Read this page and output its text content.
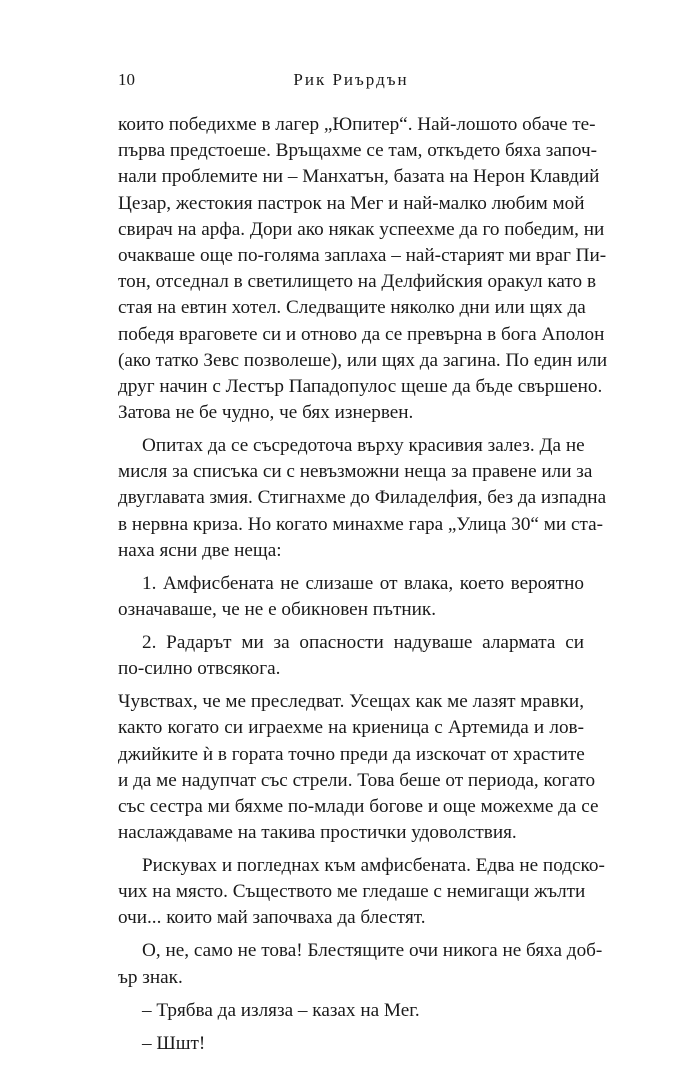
10	Рик Риърдън
които победихме в лагер „Юпитер“. Най-лошото обаче те-
първа предстоеше. Връщахме се там, откъдето бяха започ-
нали проблемите ни – Манхатън, базата на Нерон Клавдий
Цезар, жестокия пастрок на Мег и най-малко любим мой
свирач на арфа. Дори ако някак успеехме да го победим, ни
очакваше още по-голяма заплаха – най-старият ми враг Пи-
тон, отседнал в светилището на Делфийския оракул като в
стая на евтин хотел. Следващите няколко дни или щях да
победя враговете си и отново да се превърна в бога Аполон
(ако татко Зевс позволеше), или щях да загина. По един или
друг начин с Лестър Пападопулос щеше да бъде свършено.
Затова не бе чудно, че бях изнервен.
Опитах да се съсредоточа върху красивия залез. Да не
мисля за списъка си с невъзможни неща за правене или за
двуглавата змия. Стигнахме до Филаделфия, без да изпадна
в нервна криза. Но когато минахме гара „Улица 30“ ми ста-
наха ясни две неща:
1. Амфисбената не слизаше от влака, което вероятно
означаваше, че не е обикновен пътник.
2. Радарът ми за опасности надуваше алармата си
по-силно отвсякога.
Чувствах, че ме преследват. Усещах как ме лазят мравки,
както когато си играехме на криеница с Артемида и лов-
джийките ѝ в гората точно преди да изскочат от храстите
и да ме надупчат със стрели. Това беше от периода, когато
със сестра ми бяхме по-млади богове и още можехме да се
наслаждаваме на такива простички удоволствия.
Рискувах и погледнах към амфисбената. Едва не подско-
чих на място. Съществото ме гледаше с немигащи жълти
очи... които май започваха да блестят.
О, не, само не това! Блестящите очи никога не бяха доб-
ър знак.
– Трябва да изляза – казах на Мег.
– Шшт!
